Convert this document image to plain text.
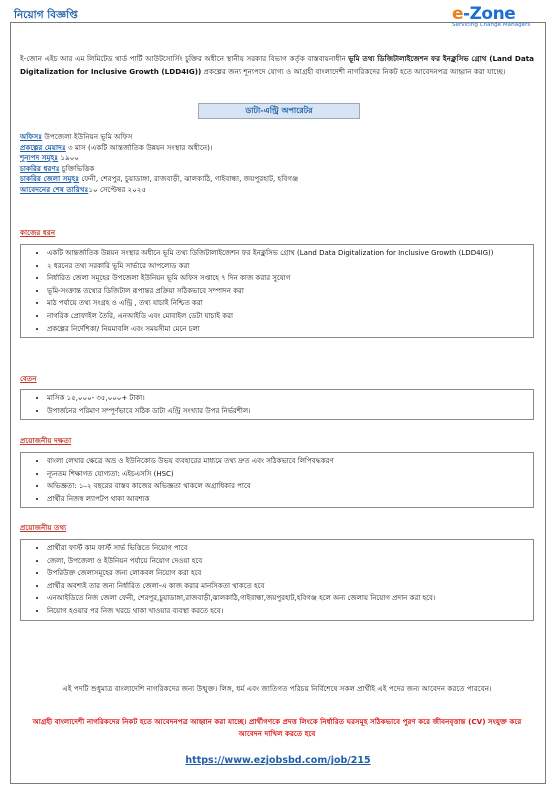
নিয়োগ বিজ্ঞপ্তি	e-Zone
Servicing Change Managers
ই-জোন এইচ আর এম লিমিটেড থার্ড পার্টি আউটসোর্সিং চুক্তির অধীনে স্থানীয় সরকার বিভাগ কর্তৃক বাস্তবায়নাধীন ভূমি তথ্য ডিজিটালাইজেশন ফর ইনক্লুসিভ গ্রোথ (Land Data Digitalization for Inclusive Growth (LDD4IG)) প্রকল্পের জন্য শূন্যপদে যোগ্য ও আগ্রহী বাংলাদেশী নাগরিকদের নিকট হতে আবেদনপত্র আহ্বান করা যাচ্ছে।
ডাটা-এন্ট্রি অপারেটর
অফিসঃ উপজেলা ইউনিয়ন ভূমি অফিস
প্রকল্পের মেয়াদঃ ৩ মাস (একটি আন্তর্জাতিক উন্নয়ন সংস্থার অধীনে)।
শূন্যপদ সমূহঃ ১৯০০
চাকরির ধরণঃ চুক্তিভিত্তিক
চাকরির জেলা সমূহঃ ফেনী, শেরপুর, চুয়াডাঙ্গা, রাজবাড়ী, ঝালকাঠি, গাইবান্ধা, জয়পুরহাট, হবিগঞ্জ
আবেদনের শেষ তারিখঃ১০ সেপ্টেম্বর ২০২৫
কাজের ধরন
• একটি আন্তর্জাতিক উন্নয়ন সংস্থার অধীনে ভূমি তথ্য ডিজিটালাইজেশন ফর ইনক্লুসিভ গ্রোথ (Land Data Digitalization for Inclusive Growth (LDD4IG))
• ২ ধরনের তথ্য সরকারি ভূমি সার্ভারে আপলোড করা
• নির্ধারিত জেলা সমূহের উপজেলা ইউনিয়ন ভূমি অফিস সপ্তাহে ৭ দিন কাজ করার সুযোগ
• ভূমি-সংক্রান্ত তথ্যের ডিজিটাল রূপান্তর প্রক্রিয়া সঠিকভাবে সম্পাদন করা
• মাঠ পর্যায়ে তথ্য সংগ্রহ ও এন্ট্রি , তথ্য যাচাই নিশ্চিত করা
• নাগরিক প্রোফাইল তৈরি, এনআইডি এবং মোবাইল ডেটা যাচাই করা
• প্রকল্পের নির্দেশিকা/ নিয়মাবলি এবং সময়সীমা মেনে চলা
বেতন
• মাসিক ১৫,০০০- ৩৫,০০০+ টাকা।
• উপার্জনের পরিমাণ সম্পূর্ণভাবে সঠিক ডাটা এন্ট্রি সংখ্যার উপর নির্ভরশীল।
প্রয়োজনীয় দক্ষতা
• বাংলা লেখার ক্ষেত্রে অভ্র ও ইউনিকোড উভয় ব্যবহারের মাধ্যমে তথ্য দ্রুত এবং সঠিকভাবে লিপিবদ্ধকরণ
• ন্যূনতম শিক্ষাগত যোগ্যতা: এইচএসসি (HSC)
• অভিজ্ঞতা: ১–২ বছরের বাস্তব কাজের অভিজ্ঞতা থাকলে অগ্রাধিকার পাবে
• প্রার্থীর নিজস্ব ল্যাপটপ থাকা আবশ্যক
প্রয়োজনীয় তথ্য
• প্রার্থীরা ফার্স্ট কাম ফার্স্ট সার্ভ ভিত্তিতে নিয়োগ পাবে
• জেলা, উপজেলা ও ইউনিয়ন পর্যায়ে নিয়োগ দেওয়া হবে
• উপরিউক্ত জেলাসমূহের জন্য লোকবল নিয়োগ করা হবে
• প্রার্থীর অবশ্যই তার জন্য নির্ধারিত জেলা-এ কাজ করার মানসিকতা থাকতে হবে
• এনআইডিতে নিজ জেলা ফেনী, শেরপুর,চুয়াডাঙ্গা,রাজবাড়ী,ঝালকাঠি,গাইবান্ধা,জয়পুরহাট,হবিগঞ্জ হলে অন্য জেলায় নিয়োগ প্রদান করা হবে।
• নিয়োগ হওয়ার পর নিজ খরচে থাকা খাওয়ার ব্যবস্থা করতে হবে।
এই পদটি শুধুমাত্র বাংলাদেশি নাগরিকদের জন্য উন্মুক্ত। লিঙ্গ, ধর্ম এবং জাতিগত পরিচয় নির্বিশেষে সকল প্রার্থীই এই পদের জন্য আবেদন করতে পারবেন।
আগ্রহী বাংলাদেশী নাগরিকদের নিকট হতে আবেদনপত্র আহ্বান করা যাচ্ছে। প্রার্থীগণকে প্রদত্ত লিংকে নির্ধারিত ঘরসমূহ সঠিকভাবে পুরণ করে জীবনবৃত্তান্ত (CV) সংযুক্ত করে আবেদন দাখিল করতে হবে
https://www.ezjobsbd.com/job/215
